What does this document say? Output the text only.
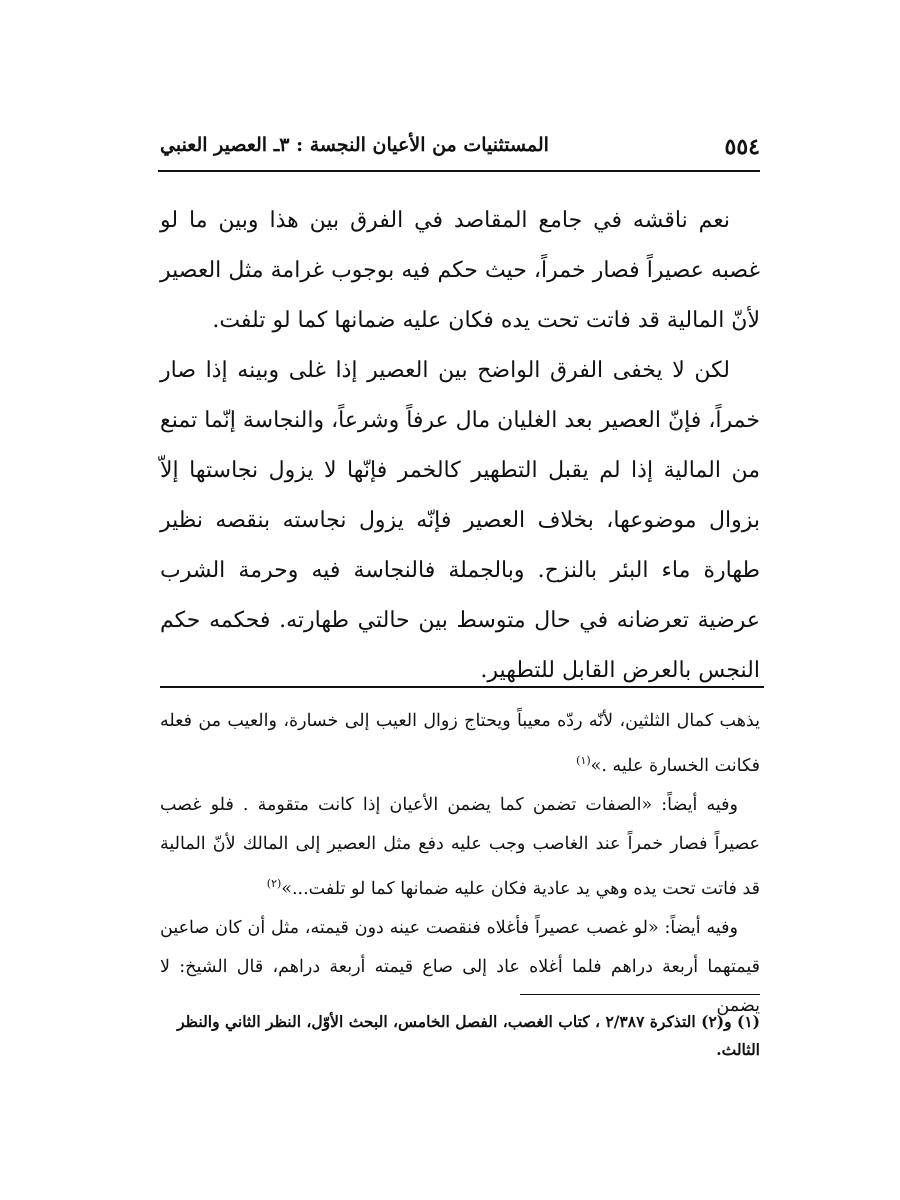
٥٥٤
المستثنيات من الأعيان النجسة : ٣ـ العصير العنبي

نعم ناقشه في جامع المقاصد في الفرق بين هذا وبين ما لو غصبه عصيراً فصار خمراً، حيث حكم فيه بوجوب غرامة مثل العصير لأنّ المالية قد فاتت تحت يده فكان عليه ضمانها كما لو تلفت.

لكن لا يخفى الفرق الواضح بين العصير إذا غلى وبينه إذا صار خمراً، فإنّ العصير بعد الغليان مال عرفاً وشرعاً، والنجاسة إنّما تمنع من المالية إذا لم يقبل التطهير كالخمر فإنّها لا يزول نجاستها إلاّ بزوال موضوعها، بخلاف العصير فإنّه يزول نجاسته بنقصه نظير طهارة ماء البئر بالنزح. وبالجملة فالنجاسة فيه وحرمة الشرب عرضية تعرضانه في حال متوسط بين حالتي طهارته. فحكمه حكم النجس بالعرض القابل للتطهير.

يذهب كمال الثلثين، لأنّه ردّه معيباً ويحتاج زوال العيب إلى خسارة، والعيب من فعله فكانت الخسارة عليه .»$^{(١)}$

وفيه أيضاً: «الصفات تضمن كما يضمن الأعيان إذا كانت متقومة . فلو غصب عصيراً فصار خمراً عند الغاصب وجب عليه دفع مثل العصير إلى المالك لأنّ المالية قد فاتت تحت يده وهي يد عادية فكان عليه ضمانها كما لو تلفت...»$^{(٢)}$

وفيه أيضاً: «لو غصب عصيراً فأغلاه فنقصت عينه دون قيمته، مثل أن كان صاعين قيمتهما أربعة دراهم فلما أغلاه عاد إلى صاع قيمته أربعة دراهم، قال الشيخ: لا يضمن

(١) و(٢) التذكرة ٢/٣٨٧ ، كتاب الغصب، الفصل الخامس، البحث الأوّل، النظر الثاني والنظر الثالث.
